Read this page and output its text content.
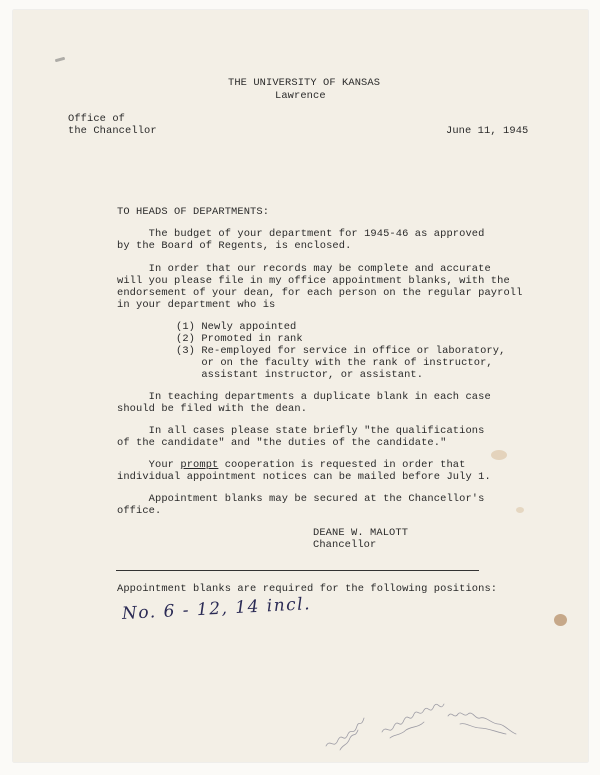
THE UNIVERSITY OF KANSAS
Lawrence
Office of
the Chancellor	June 11, 1945
TO HEADS OF DEPARTMENTS:
The budget of your department for 1945-46 as approved
by the Board of Regents, is enclosed.
In order that our records may be complete and accurate
will you please file in my office appointment blanks, with the
endorsement of your dean, for each person on the regular payroll
in your department who is
(1) Newly appointed
(2) Promoted in rank
(3) Re-employed for service in office or laboratory,
or on the faculty with the rank of instructor,
assistant instructor, or assistant.
In teaching departments a duplicate blank in each case
should be filed with the dean.
In all cases please state briefly "the qualifications
of the candidate" and "the duties of the candidate."
Your prompt cooperation is requested in order that
individual appointment notices can be mailed before July 1.
Appointment blanks may be secured at the Chancellor's
office.
DEANE W. MALOTT
Chancellor
Appointment blanks are required for the following positions:
No. 6 - 12, 14 incl.
